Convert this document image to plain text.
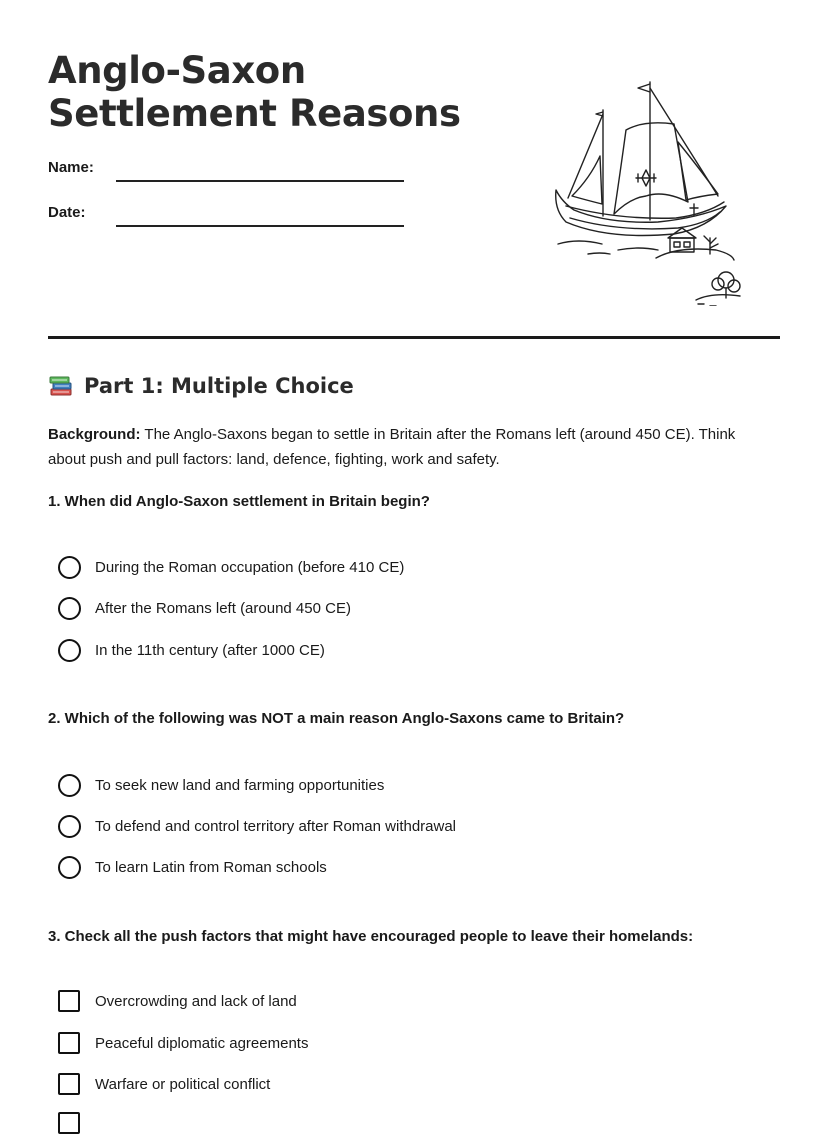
Anglo-Saxon
Settlement Reasons
Name:
Date:
Part 1: Multiple Choice

Background: The Anglo-Saxons began to settle in Britain after the Romans left (around 450 CE). Think about push and pull factors: land, defence, fighting, work and safety.

1. When did Anglo-Saxon settlement in Britain begin?

During the Roman occupation (before 410 CE)
After the Romans left (around 450 CE)
In the 11th century (after 1000 CE)

2. Which of the following was NOT a main reason Anglo-Saxons came to Britain?

To seek new land and farming opportunities
To defend and control territory after Roman withdrawal
To learn Latin from Roman schools

3. Check all the push factors that might have encouraged people to leave their homelands:

Overcrowding and lack of land
Peaceful diplomatic agreements
Warfare or political conflict
